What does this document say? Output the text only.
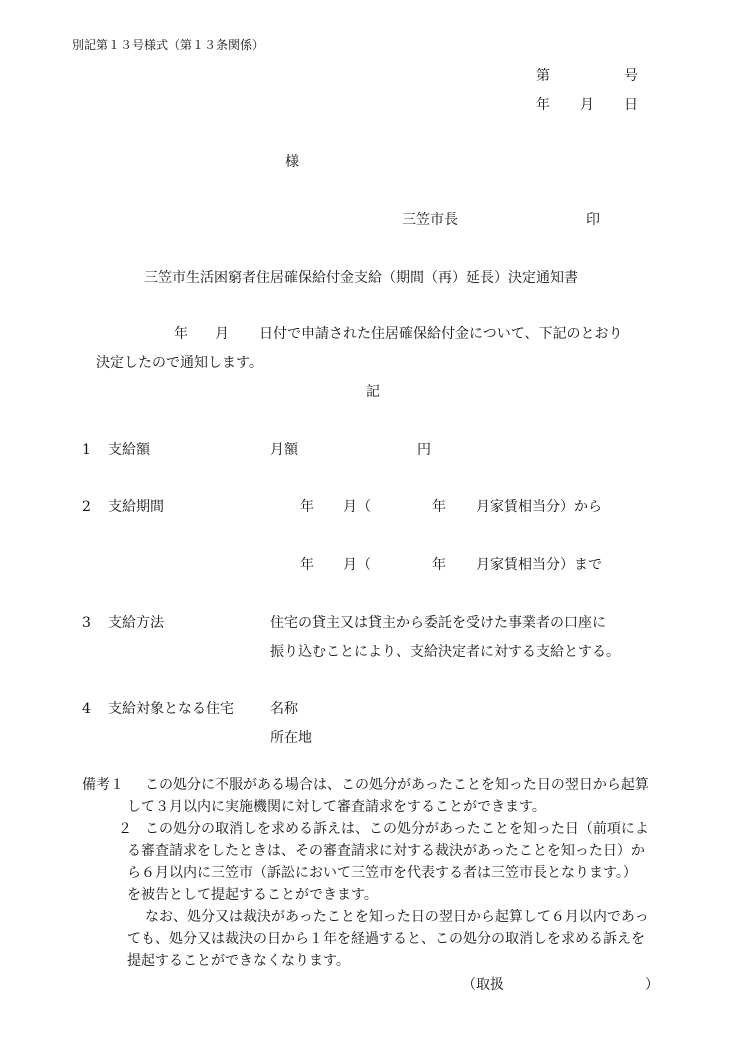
別記第１３号様式（第１３条関係）
第	号
年 月 日
様
三笠市長	印
三笠市生活困窮者住居確保給付金支給（期間（再）延長）決定通知書
年 月 日付で申請された住居確保給付金について、下記のとおり
決定したので通知します。
記
1 支給額	月額	円
2 支給期間	年 月（	年 月家賃相当分）から
年 月（	年 月家賃相当分）まで
3 支給方法	住宅の貸主又は貸主から委託を受けた事業者の口座に
振り込むことにより、支給決定者に対する支給とする。
4 支給対象となる住宅	名称
所在地
備考１ この処分に不服がある場合は、この処分があったことを知った日の翌日から起算
して３月以内に実施機関に対して審査請求をすることができます。
２ この処分の取消しを求める訴えは、この処分があったことを知った日（前項によ
る審査請求をしたときは、その審査請求に対する裁決があったことを知った日）か
ら６月以内に三笠市（訴訟において三笠市を代表する者は三笠市長となります。）
を被告として提起することができます。
なお、処分又は裁決があったことを知った日の翌日から起算して６月以内であっ
ても、処分又は裁決の日から１年を経過すると、この処分の取消しを求める訴えを
提起することができなくなります。
（取扱	）
